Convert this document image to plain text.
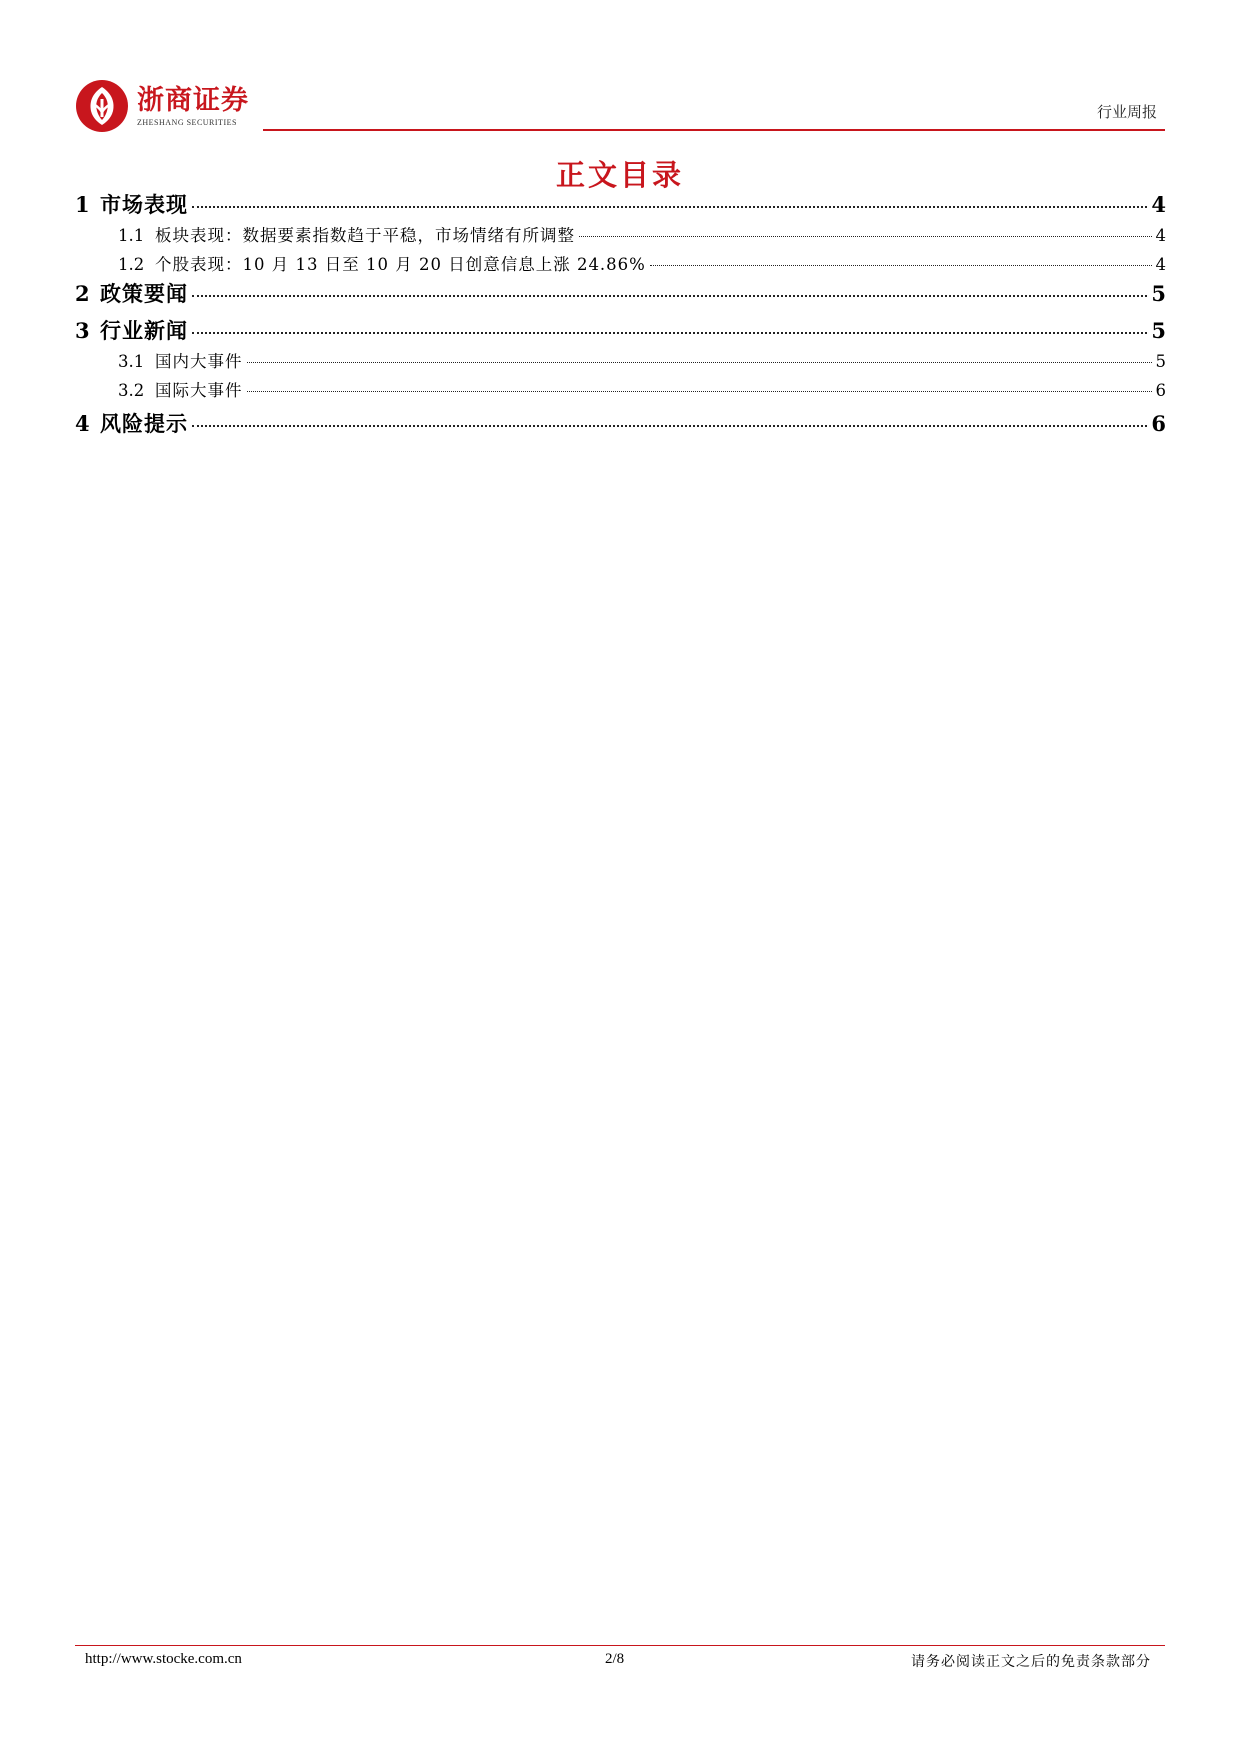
浙商证券
ZHESHANG SECURITIES
行业周报
正文目录
1 市场表现	4
1.1 板块表现：数据要素指数趋于平稳，市场情绪有所调整	4
1.2 个股表现：10 月 13 日至 10 月 20 日创意信息上涨 24.86%	4
2 政策要闻	5
3 行业新闻	5
3.1 国内大事件	5
3.2 国际大事件	6
4 风险提示	6
http://www.stocke.com.cn	2/8	请务必阅读正文之后的免责条款部分
